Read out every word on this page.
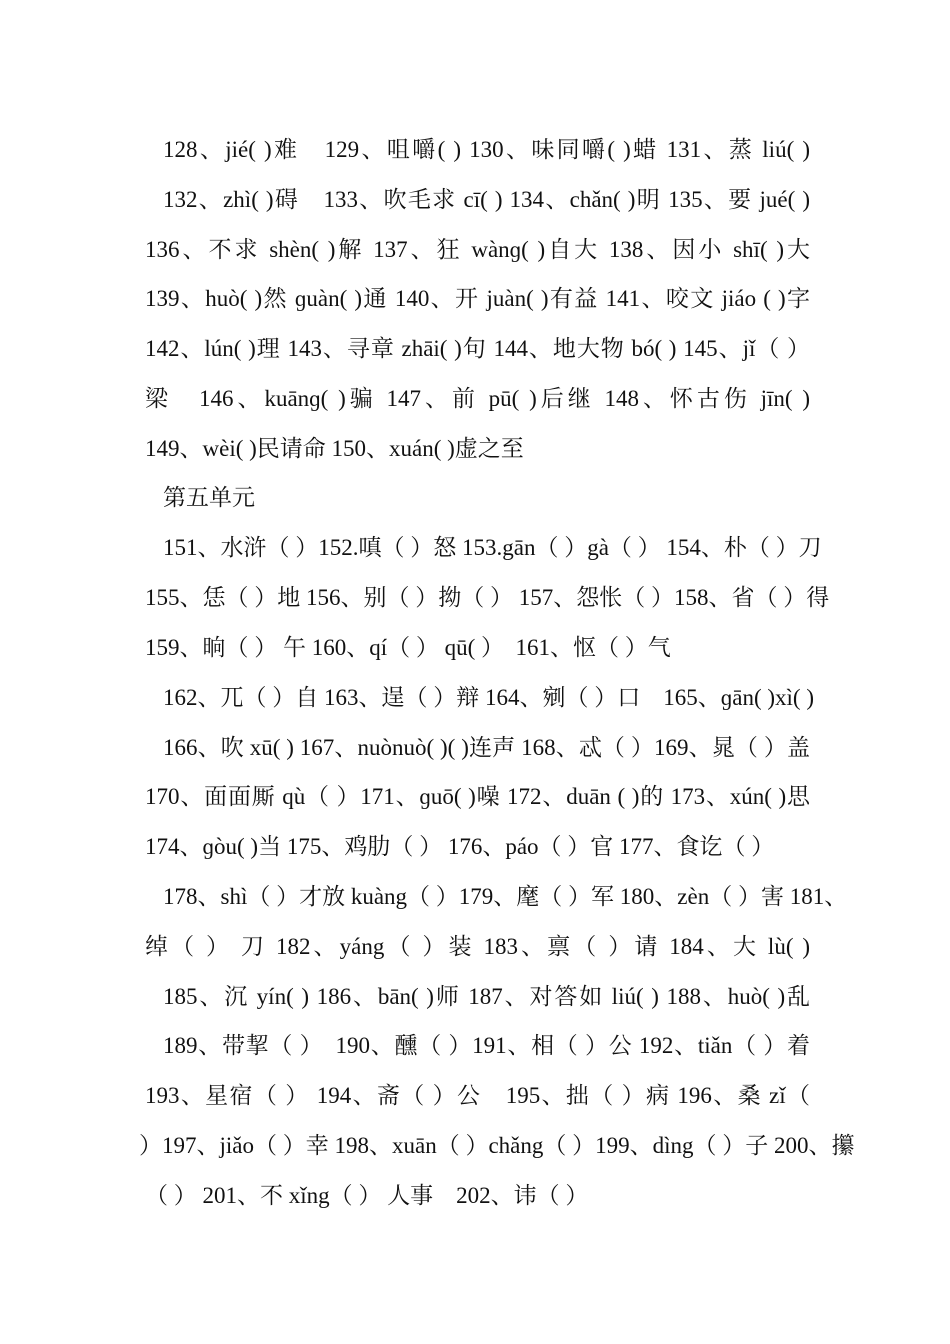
128、jié( )难　129、咀嚼( ) 130、味同嚼( )蜡 131、蒸 liú( )
132、zhì( )碍　133、吹毛求 cī( ) 134、chǎn( )明 135、要 jué( )
136、不求 shèn( )解 137、狂 wànɡ( )自大 138、因小 shī( )大
139、huò( )然 ɡuàn( )通 140、开 juàn( )有益 141、咬文 jiáo ( )字
142、lún( )理 143、寻章 zhāi( )句 144、地大物 bó( ) 145、jǐ（ ）
梁　146、kuānɡ( )骗 147、前 pū( )后继 148、怀古伤 jīn( )
149、wèi( )民请命 150、xuán( )虚之至
第五单元
151、水浒（ ）152.嗔（ ）怒 153.gān（ ）gà（ ） 154、朴（ ）刀
155、恁（ ）地 156、别（ ）拗（ ） 157、怨怅（ ）158、省（ ）得
159、晌（ ） 午 160、qí（ ） qū( ）　161、怄（ ）气
162、兀（ ）自 163、逞（ ）辩 164、剜（ ）口　165、ɡān( )xì( )
166、吹 xū( ) 167、nuònuò( )( )连声 168、忒（ ）169、晁（ ）盖
170、面面厮 qù（ ）171、ɡuō( )噪 172、duān ( )的 173、xún( )思
174、ɡòu( )当 175、鸡肋（ ） 176、páo（ ）官 177、食讫（ ）
178、shì（ ）才放 kuàng（ ）179、麾（ ）军 180、zèn（ ）害 181、
绰（ ） 刀 182、yáng（ ）装 183、禀（ ）请 184、大 lù( )
185、沉 yín( ) 186、bān( )师 187、对答如 liú( ) 188、huò( )乱
189、带挈（ ）　190、醺（ ）191、相（ ）公 192、tiǎn（ ）着
193、星宿（ ） 194、斋（ ）公　195、拙（ ）病 196、桑 zǐ（
）197、jiǎo（ ）幸 198、xuān（ ）chǎng（ ）199、dìng（ ）子 200、攥
（ ） 201、不 xǐng（ ） 人事　202、讳（ ）
